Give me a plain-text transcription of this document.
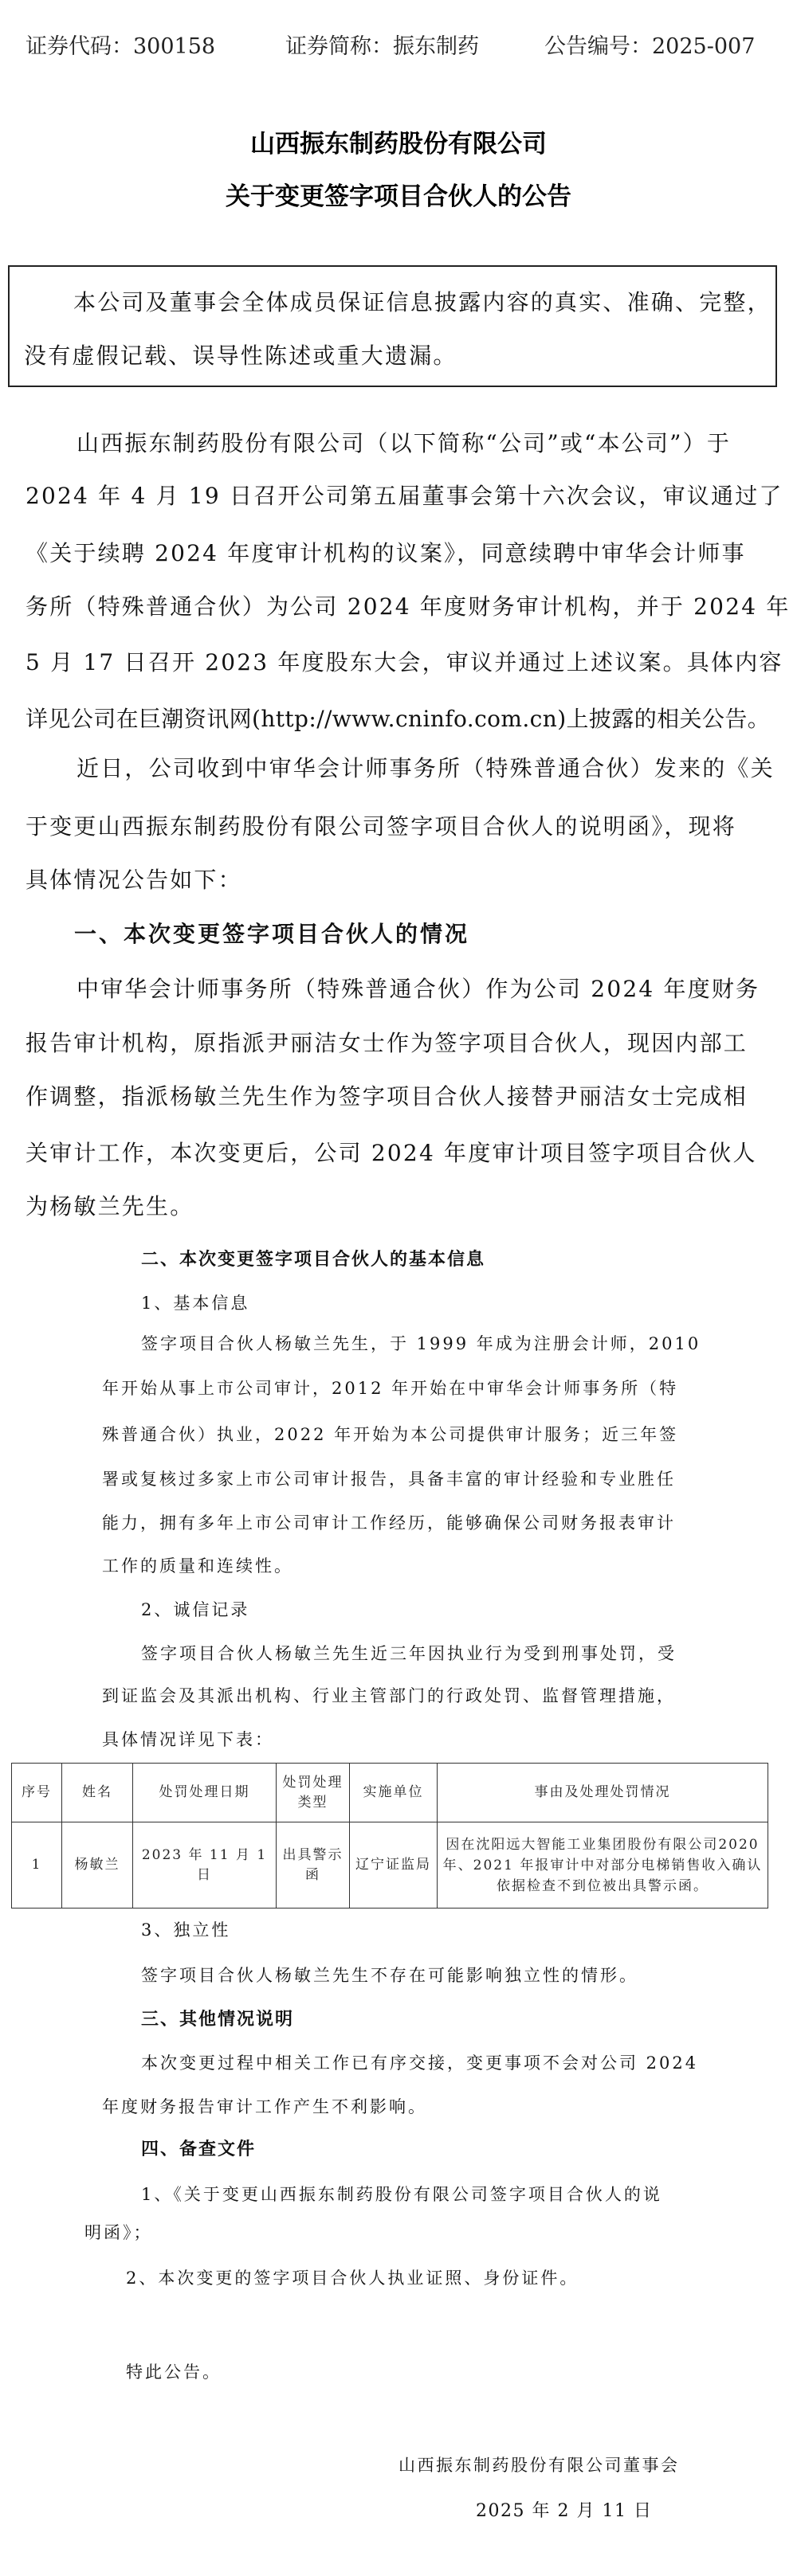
证券代码：300158	证券简称：振东制药	公告编号：2025-007
山西振东制药股份有限公司
关于变更签字项目合伙人的公告
本公司及董事会全体成员保证信息披露内容的真实、准确、完整，
没有虚假记载、误导性陈述或重大遗漏。
山西振东制药股份有限公司（以下简称“公司”或“本公司”）于
2024 年 4 月 19 日召开公司第五届董事会第十六次会议，审议通过了
《关于续聘 2024 年度审计机构的议案》，同意续聘中审华会计师事
务所（特殊普通合伙）为公司 2024 年度财务审计机构，并于 2024 年
5 月 17 日召开 2023 年度股东大会，审议并通过上述议案。具体内容
详见公司在巨潮资讯网(http://www.cninfo.com.cn)上披露的相关公告。
近日，公司收到中审华会计师事务所（特殊普通合伙）发来的《关
于变更山西振东制药股份有限公司签字项目合伙人的说明函》，现将
具体情况公告如下：
一、本次变更签字项目合伙人的情况
中审华会计师事务所（特殊普通合伙）作为公司 2024 年度财务
报告审计机构，原指派尹丽洁女士作为签字项目合伙人，现因内部工
作调整，指派杨敏兰先生作为签字项目合伙人接替尹丽洁女士完成相
关审计工作，本次变更后，公司 2024 年度审计项目签字项目合伙人
为杨敏兰先生。
二、本次变更签字项目合伙人的基本信息
1、基本信息
签字项目合伙人杨敏兰先生，于 1999 年成为注册会计师，2010
年开始从事上市公司审计，2012 年开始在中审华会计师事务所（特
殊普通合伙）执业，2022 年开始为本公司提供审计服务；近三年签
署或复核过多家上市公司审计报告，具备丰富的审计经验和专业胜任
能力，拥有多年上市公司审计工作经历，能够确保公司财务报表审计
工作的质量和连续性。
2、诚信记录
签字项目合伙人杨敏兰先生近三年因执业行为受到刑事处罚，受
到证监会及其派出机构、行业主管部门的行政处罚、监督管理措施，
具体情况详见下表：
序号	姓名	处罚处理日期	处罚处理类型	实施单位	事由及处理处罚情况
1	杨敏兰	2023 年 11 月 1 日	出具警示函	辽宁证监局	因在沈阳远大智能工业集团股份有限公司2020 年、2021 年报审计中对部分电梯销售收入确认依据检查不到位被出具警示函。
3、独立性
签字项目合伙人杨敏兰先生不存在可能影响独立性的情形。
三、其他情况说明
本次变更过程中相关工作已有序交接，变更事项不会对公司 2024
年度财务报告审计工作产生不利影响。
四、备查文件
1、《关于变更山西振东制药股份有限公司签字项目合伙人的说
明函》；
2、本次变更的签字项目合伙人执业证照、身份证件。
特此公告。
山西振东制药股份有限公司董事会
2025 年 2 月 11 日
